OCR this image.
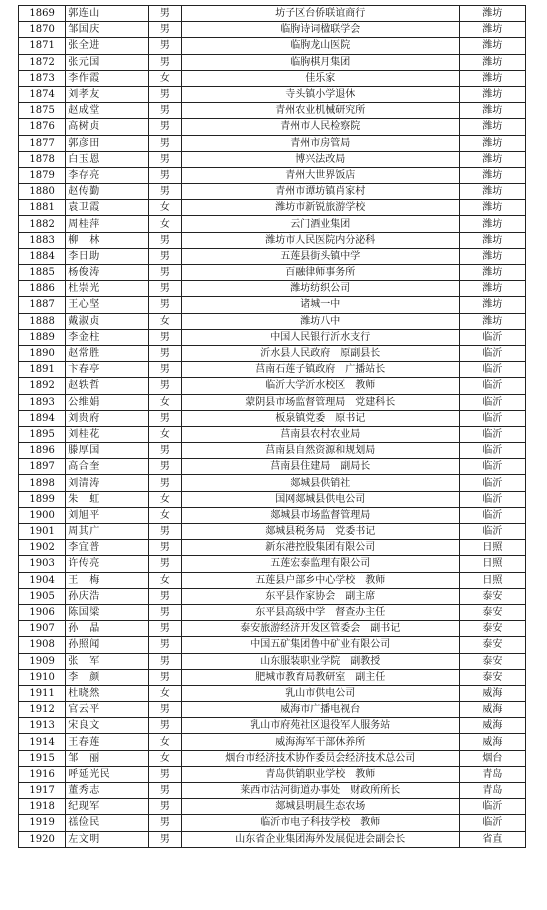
1869	郭连山	男	坊子区台侨联谊商行	潍坊
1870	邹国庆	男	临朐诗词楹联学会	潍坊
1871	张全进	男	临朐龙山医院	潍坊
1872	张元国	男	临朐棋月集团	潍坊
1873	李作霞	女	佳乐家	潍坊
1874	刘孝友	男	寺头镇小学退休	潍坊
1875	赵成堂	男	青州农业机械研究所	潍坊
1876	高树贞	男	青州市人民检察院	潍坊
1877	郭彦田	男	青州市房管局	潍坊
1878	白玉恩	男	博兴法改局	潍坊
1879	李存亮	男	青州大世界饭店	潍坊
1880	赵传勤	男	青州市谭坊镇肖家村	潍坊
1881	袁卫霞	女	潍坊市新锐旅游学校	潍坊
1882	周桂萍	女	云门酒业集团	潍坊
1883	柳　林	男	潍坊市人民医院内分泌科	潍坊
1884	李日助	男	五莲县街头镇中学	潍坊
1885	杨俊涛	男	百融律师事务所	潍坊
1886	杜崇光	男	潍坊纺织公司	潍坊
1887	王心坚	男	诸城一中	潍坊
1888	戴淑贞	女	潍坊八中	潍坊
1889	李金柱	男	中国人民银行沂水支行	临沂
1890	赵常胜	男	沂水县人民政府　原副县长	临沂
1891	卞春亭	男	莒南石莲子镇政府　广播站长	临沂
1892	赵轶哲	男	临沂大学沂水校区　教师	临沂
1893	公维娟	女	蒙阴县市场监督管理局　党建科长	临沂
1894	刘贵府	男	板泉镇党委　原书记	临沂
1895	刘桂花	女	莒南县农村农业局	临沂
1896	滕厚国	男	莒南县自然资源和规划局	临沂
1897	高合奎	男	莒南县住建局　副局长	临沂
1898	刘清涛	男	郯城县供销社	临沂
1899	朱　虹	女	国网郯城县供电公司	临沂
1900	刘旭平	女	郯城县市场监督管理局	临沂
1901	周其广	男	郯城县税务局　党委书记	临沂
1902	李宜普	男	新东港控股集团有限公司	日照
1903	许传亮	男	五莲宏泰监理有限公司	日照
1904	王　梅	女	五莲县户部乡中心学校　教师	日照
1905	孙庆浩	男	东平县作家协会　副主席	泰安
1906	陈国梁	男	东平县高级中学　督查办主任	泰安
1907	孙　晶	男	泰安旅游经济开发区管委会　副书记	泰安
1908	孙照闻	男	中国五矿集团鲁中矿业有限公司	泰安
1909	张　军	男	山东服装职业学院　副教授	泰安
1910	李　颜	男	肥城市教育局教研室　副主任	泰安
1911	杜晓然	女	乳山市供电公司	威海
1912	官云平	男	威海市广播电视台	威海
1913	宋良文	男	乳山市府苑社区退役军人服务站	威海
1914	王春莲	女	威海海军干部休养所	威海
1915	邹　丽	女	烟台市经济技术协作委员会经济技术总公司	烟台
1916	呼延光民	男	青岛供销职业学校　教师	青岛
1917	董秀志	男	莱西市沽河街道办事处　财政所所长	青岛
1918	纪现军	男	郯城县明晨生态农场	临沂
1919	禚俭民	男	临沂市电子科技学校　教师	临沂
1920	左文明	男	山东省企业集团海外发展促进会副会长	省直
